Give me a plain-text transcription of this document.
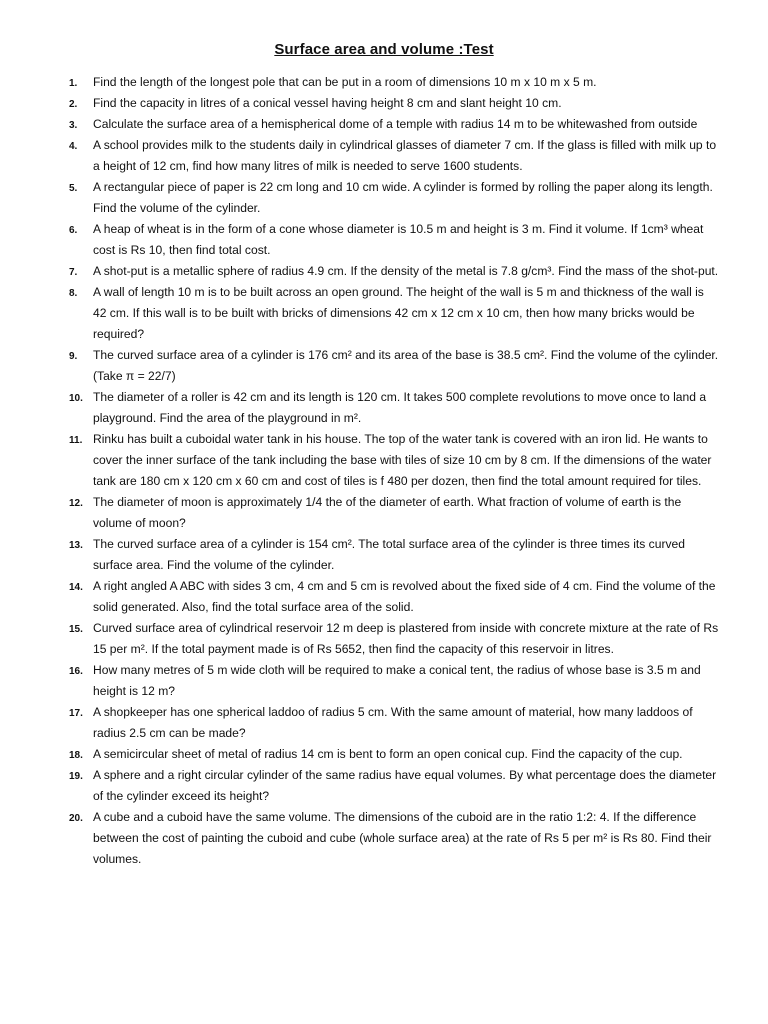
Surface area and volume :Test
1. Find the length of the longest pole that can be put in a room of dimensions 10 m x 10 m x 5 m.
2. Find the capacity in litres of a conical vessel having height 8 cm and slant height 10 cm.
3. Calculate the surface area of a hemispherical dome of a temple with radius 14 m to be whitewashed from outside
4. A school provides milk to the students daily in cylindrical glasses of diameter 7 cm. If the glass is filled with milk up to a height of 12 cm, find how many litres of milk is needed to serve 1600 students.
5. A rectangular piece of paper is 22 cm long and 10 cm wide. A cylinder is formed by rolling the paper along its length. Find the volume of the cylinder.
6. A heap of wheat is in the form of a cone whose diameter is 10.5 m and height is 3 m. Find it volume. If 1cm³ wheat cost is Rs 10, then find total cost.
7. A shot-put is a metallic sphere of radius 4.9 cm. If the density of the metal is 7.8 g/cm³. Find the mass of the shot-put.
8. A wall of length 10 m is to be built across an open ground. The height of the wall is 5 m and thickness of the wall is 42 cm. If this wall is to be built with bricks of dimensions 42 cm x 12 cm x 10 cm, then how many bricks would be required?
9. The curved surface area of a cylinder is 176 cm² and its area of the base is 38.5 cm². Find the volume of the cylinder. (Take π = 22/7)
10. The diameter of a roller is 42 cm and its length is 120 cm. It takes 500 complete revolutions to move once to land a playground. Find the area of the playground in m².
11. Rinku has built a cuboidal water tank in his house. The top of the water tank is covered with an iron lid. He wants to cover the inner surface of the tank including the base with tiles of size 10 cm by 8 cm. If the dimensions of the water tank are 180 cm x 120 cm x 60 cm and cost of tiles is f 480 per dozen, then find the total amount required for tiles.
12. The diameter of moon is approximately 1/4 the of the diameter of earth. What fraction of volume of earth is the volume of moon?
13. The curved surface area of a cylinder is 154 cm². The total surface area of the cylinder is three times its curved surface area. Find the volume of the cylinder.
14. A right angled A ABC with sides 3 cm, 4 cm and 5 cm is revolved about the fixed side of 4 cm. Find the volume of the solid generated. Also, find the total surface area of the solid.
15. Curved surface area of cylindrical reservoir 12 m deep is plastered from inside with concrete mixture at the rate of Rs 15 per m². If the total payment made is of Rs 5652, then find the capacity of this reservoir in litres.
16. How many metres of 5 m wide cloth will be required to make a conical tent, the radius of whose base is 3.5 m and height is 12 m?
17. A shopkeeper has one spherical laddoo of radius 5 cm. With the same amount of material, how many laddoos of radius 2.5 cm can be made?
18. A semicircular sheet of metal of radius 14 cm is bent to form an open conical cup. Find the capacity of the cup.
19. A sphere and a right circular cylinder of the same radius have equal volumes. By what percentage does the diameter of the cylinder exceed its height?
20. A cube and a cuboid have the same volume. The dimensions of the cuboid are in the ratio 1:2: 4. If the difference between the cost of painting the cuboid and cube (whole surface area) at the rate of Rs 5 per m² is Rs 80. Find their volumes.
